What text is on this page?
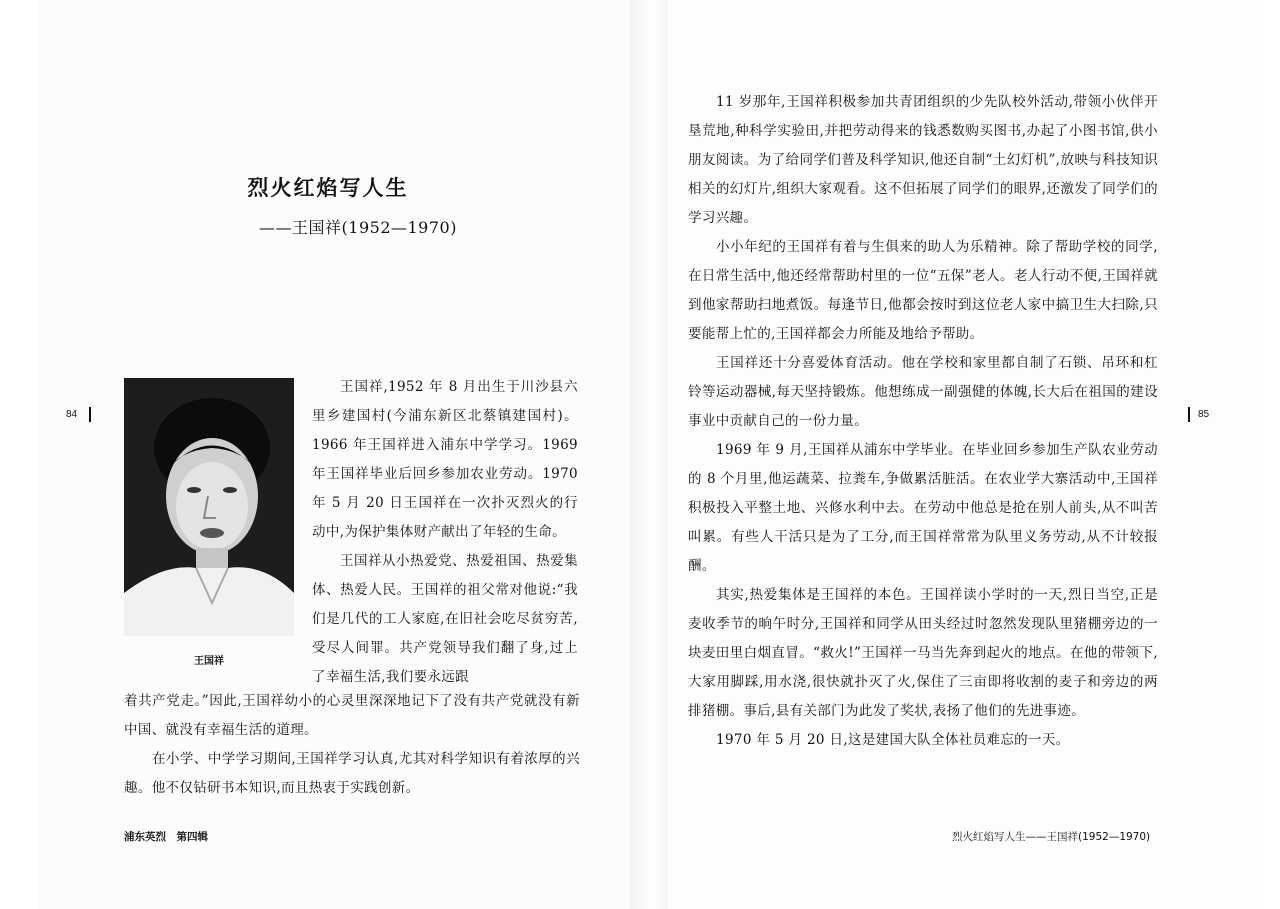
烈火红焰写人生
——王国祥(1952—1970)
王国祥

王国祥,1952 年 8 月出生于川沙县六里乡建国村(今浦东新区北蔡镇建国村)。1966 年王国祥进入浦东中学学习。1969 年王国祥毕业后回乡参加农业劳动。1970 年 5 月 20 日王国祥在一次扑灭烈火的行动中,为保护集体财产献出了年轻的生命。

王国祥从小热爱党、热爱祖国、热爱集体、热爱人民。王国祥的祖父常对他说:“我们是几代的工人家庭,在旧社会吃尽贫穷苦,受尽人间罪。共产党领导我们翻了身,过上了幸福生活,我们要永远跟

着共产党走。”因此,王国祥幼小的心灵里深深地记下了没有共产党就没有新中国、就没有幸福生活的道理。

在小学、中学学习期间,王国祥学习认真,尤其对科学知识有着浓厚的兴趣。他不仅钻研书本知识,而且热衷于实践创新。

84
浦东英烈　第四辑

11 岁那年,王国祥积极参加共青团组织的少先队校外活动,带领小伙伴开垦荒地,种科学实验田,并把劳动得来的钱悉数购买图书,办起了小图书馆,供小朋友阅读。为了给同学们普及科学知识,他还自制“土幻灯机”,放映与科技知识相关的幻灯片,组织大家观看。这不但拓展了同学们的眼界,还激发了同学们的学习兴趣。

小小年纪的王国祥有着与生俱来的助人为乐精神。除了帮助学校的同学,在日常生活中,他还经常帮助村里的一位“五保”老人。老人行动不便,王国祥就到他家帮助扫地煮饭。每逢节日,他都会按时到这位老人家中搞卫生大扫除,只要能帮上忙的,王国祥都会力所能及地给予帮助。

王国祥还十分喜爱体育活动。他在学校和家里都自制了石锁、吊环和杠铃等运动器械,每天坚持锻炼。他想练成一副强健的体魄,长大后在祖国的建设事业中贡献自己的一份力量。

1969 年 9 月,王国祥从浦东中学毕业。在毕业回乡参加生产队农业劳动的 8 个月里,他运蔬菜、拉粪车,争做累活脏活。在农业学大寨活动中,王国祥积极投入平整土地、兴修水利中去。在劳动中他总是抢在别人前头,从不叫苦叫累。有些人干活只是为了工分,而王国祥常常为队里义务劳动,从不计较报酬。

其实,热爱集体是王国祥的本色。王国祥读小学时的一天,烈日当空,正是麦收季节的晌午时分,王国祥和同学从田头经过时忽然发现队里猪棚旁边的一块麦田里白烟直冒。“救火!”王国祥一马当先奔到起火的地点。在他的带领下,大家用脚踩,用水浇,很快就扑灭了火,保住了三亩即将收割的麦子和旁边的两排猪棚。事后,县有关部门为此发了奖状,表扬了他们的先进事迹。

1970 年 5 月 20 日,这是建国大队全体社员难忘的一天。

85
烈火红焰写人生——王国祥(1952—1970)
